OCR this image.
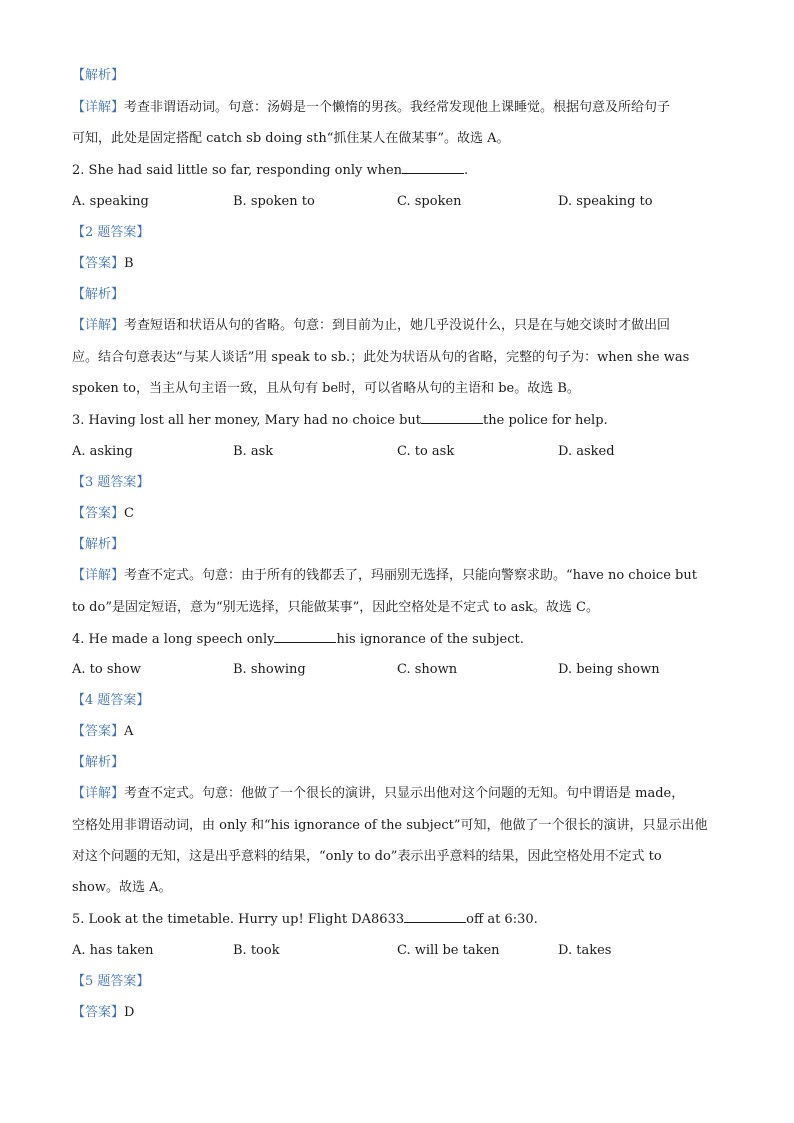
【解析】
【详解】考查非谓语动词。句意：汤姆是一个懒惰的男孩。我经常发现他上课睡觉。根据句意及所给句子
可知，此处是固定搭配 catch sb doing sth“抓住某人在做某事”。故选 A。
2. She had said little so far, responding only when	.
A. speaking	B. spoken to	C. spoken	D. speaking to
【2 题答案】
【答案】B
【解析】
【详解】考查短语和状语从句的省略。句意：到目前为止，她几乎没说什么，只是在与她交谈时才做出回
应。结合句意表达“与某人谈话”用 speak to sb.；此处为状语从句的省略，完整的句子为：when she was
spoken to，当主从句主语一致，且从句有 be时，可以省略从句的主语和 be。故选 B。
3. Having lost all her money, Mary had no choice but	the police for help.
A. asking	B. ask	C. to ask	D. asked
【3 题答案】
【答案】C
【解析】
【详解】考查不定式。句意：由于所有的钱都丢了，玛丽别无选择，只能向警察求助。“have no choice but
to do”是固定短语，意为“别无选择，只能做某事”，因此空格处是不定式 to ask。故选 C。
4. He made a long speech only	his ignorance of the subject.
A. to show	B. showing	C. shown	D. being shown
【4 题答案】
【答案】A
【解析】
【详解】考查不定式。句意：他做了一个很长的演讲，只显示出他对这个问题的无知。句中谓语是 made，
空格处用非谓语动词，由 only 和“his ignorance of the subject”可知，他做了一个很长的演讲，只显示出他
对这个问题的无知，这是出乎意料的结果，“only to do”表示出乎意料的结果，因此空格处用不定式 to
show。故选 A。
5. Look at the timetable. Hurry up! Flight DA8633	off at 6:30.
A. has taken	B. took	C. will be taken	D. takes
【5 题答案】
【答案】D
